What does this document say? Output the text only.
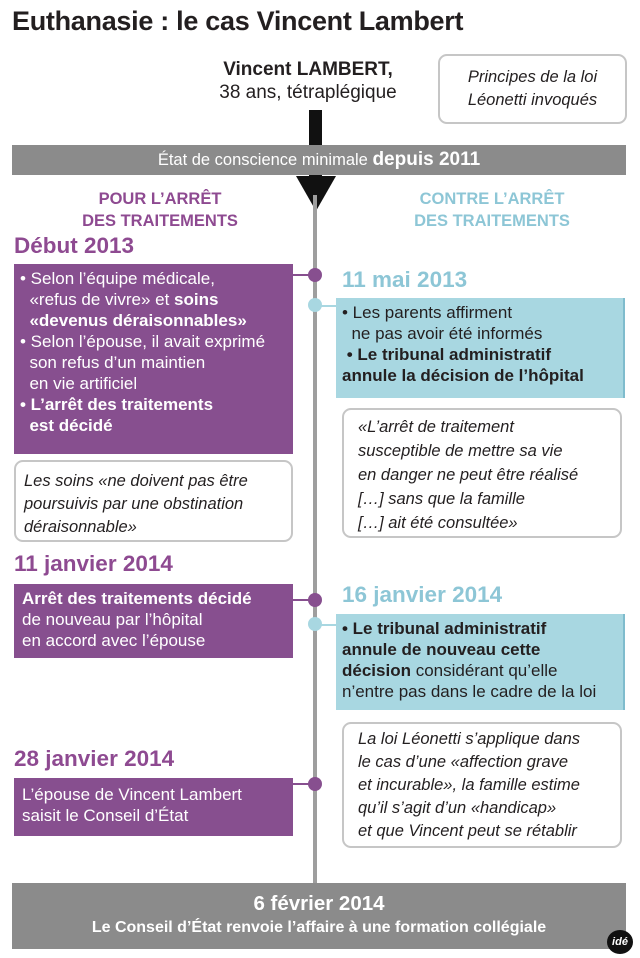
Euthanasie : le cas Vincent Lambert
Vincent LAMBERT,
38 ans, tétraplégique
Principes de la loi Léonetti invoqués
État de conscience minimale depuis 2011
POUR L’ARRÊT
DES TRAITEMENTS
CONTRE L’ARRÊT
DES TRAITEMENTS
Début 2013
• Selon l’équipe médicale,
«refus de vivre» et soins
«devenus déraisonnables»
• Selon l’épouse, il avait exprimé
son refus d’un maintien
en vie artificiel
• L’arrêt des traitements
est décidé
Les soins «ne doivent pas être poursuivis par une obstination déraisonnable»
11 janvier 2014
Arrêt des traitements décidé
de nouveau par l’hôpital
en accord avec l’épouse
28 janvier 2014
L’épouse de Vincent Lambert
saisit le Conseil d’État
11 mai 2013
• Les parents affirment
ne pas avoir été informés
• Le tribunal administratif
annule la décision de l’hôpital
«L’arrêt de traitement
susceptible de mettre sa vie
en danger ne peut être réalisé
[…] sans que la famille
[…] ait été consultée»
16 janvier 2014
• Le tribunal administratif
annule de nouveau cette
décision considérant qu’elle
n’entre pas dans le cadre de la loi
La loi Léonetti s’applique dans
le cas d’une «affection grave
et incurable», la famille estime
qu’il s’agit d’un «handicap»
et que Vincent peut se rétablir
6 février 2014
Le Conseil d’État renvoie l’affaire à une formation collégiale
idé
